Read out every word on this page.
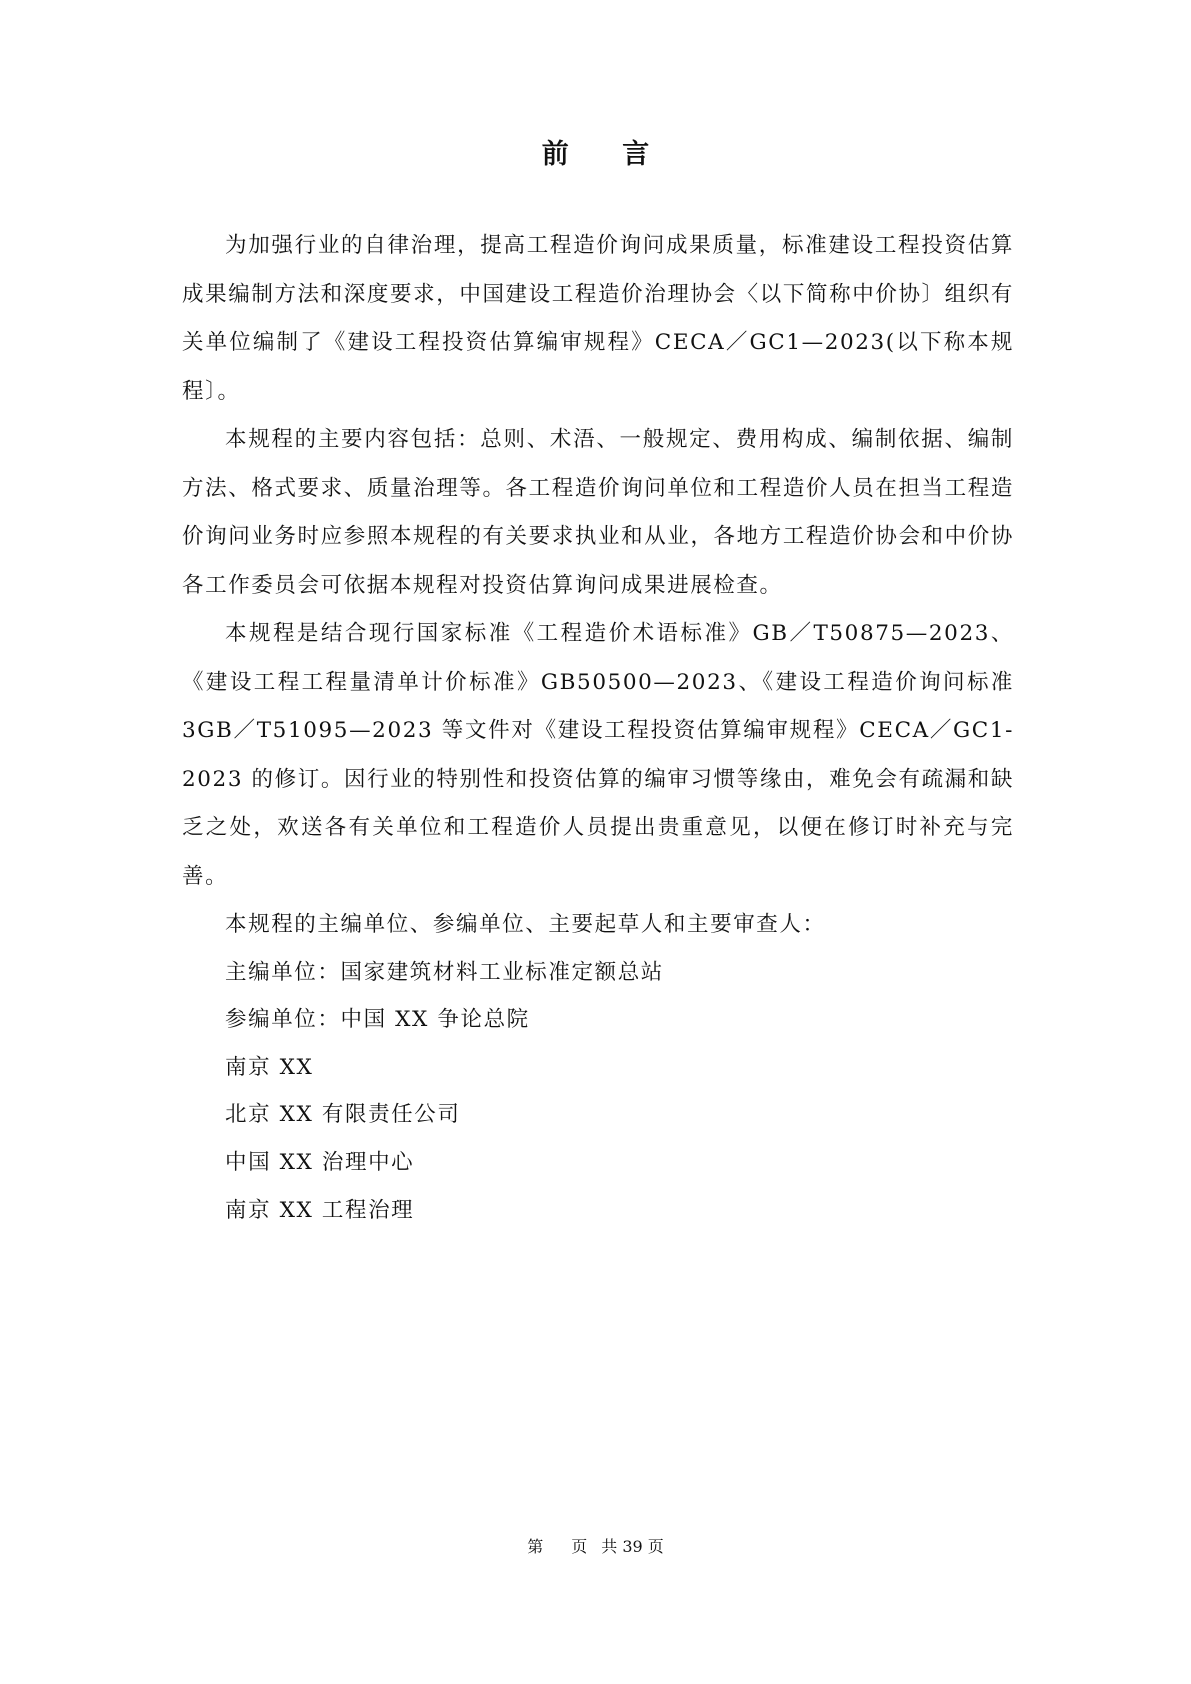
前 言

为加强行业的自律治理，提高工程造价询问成果质量，标准建设工程投资估算成果编制方法和深度要求，中国建设工程造价治理协会〈以下简称中价协〕组织有关单位编制了《建设工程投资估算编审规程》CECA／GC1—2023(以下称本规程〕。

本规程的主要内容包括：总则、术浯、一般规定、费用构成、编制依据、编制方法、格式要求、质量治理等。各工程造价询问单位和工程造价人员在担当工程造价询问业务时应参照本规程的有关要求执业和从业，各地方工程造价协会和中价协各工作委员会可依据本规程对投资估算询问成果进展检查。

本规程是结合现行国家标准《工程造价术语标准》GB／T50875—2023、《建设工程工程量清单计价标准》GB50500—2023、《建设工程造价询问标准 3GB／T51095—2023 等文件对《建设工程投资估算编审规程》CECA／GC1-2023 的修订。因行业的特别性和投资估算的编审习惯等缘由，难免会有疏漏和缺乏之处，欢送各有关单位和工程造价人员提出贵重意见，以便在修订时补充与完善。

本规程的主编单位、参编单位、主要起草人和主要审查人：

主编单位：国家建筑材料工业标准定额总站

参编单位：中国 XX 争论总院

南京 XX

北京 XX 有限责任公司

中国 XX 治理中心

南京 XX 工程治理

第 页 共 39 页
